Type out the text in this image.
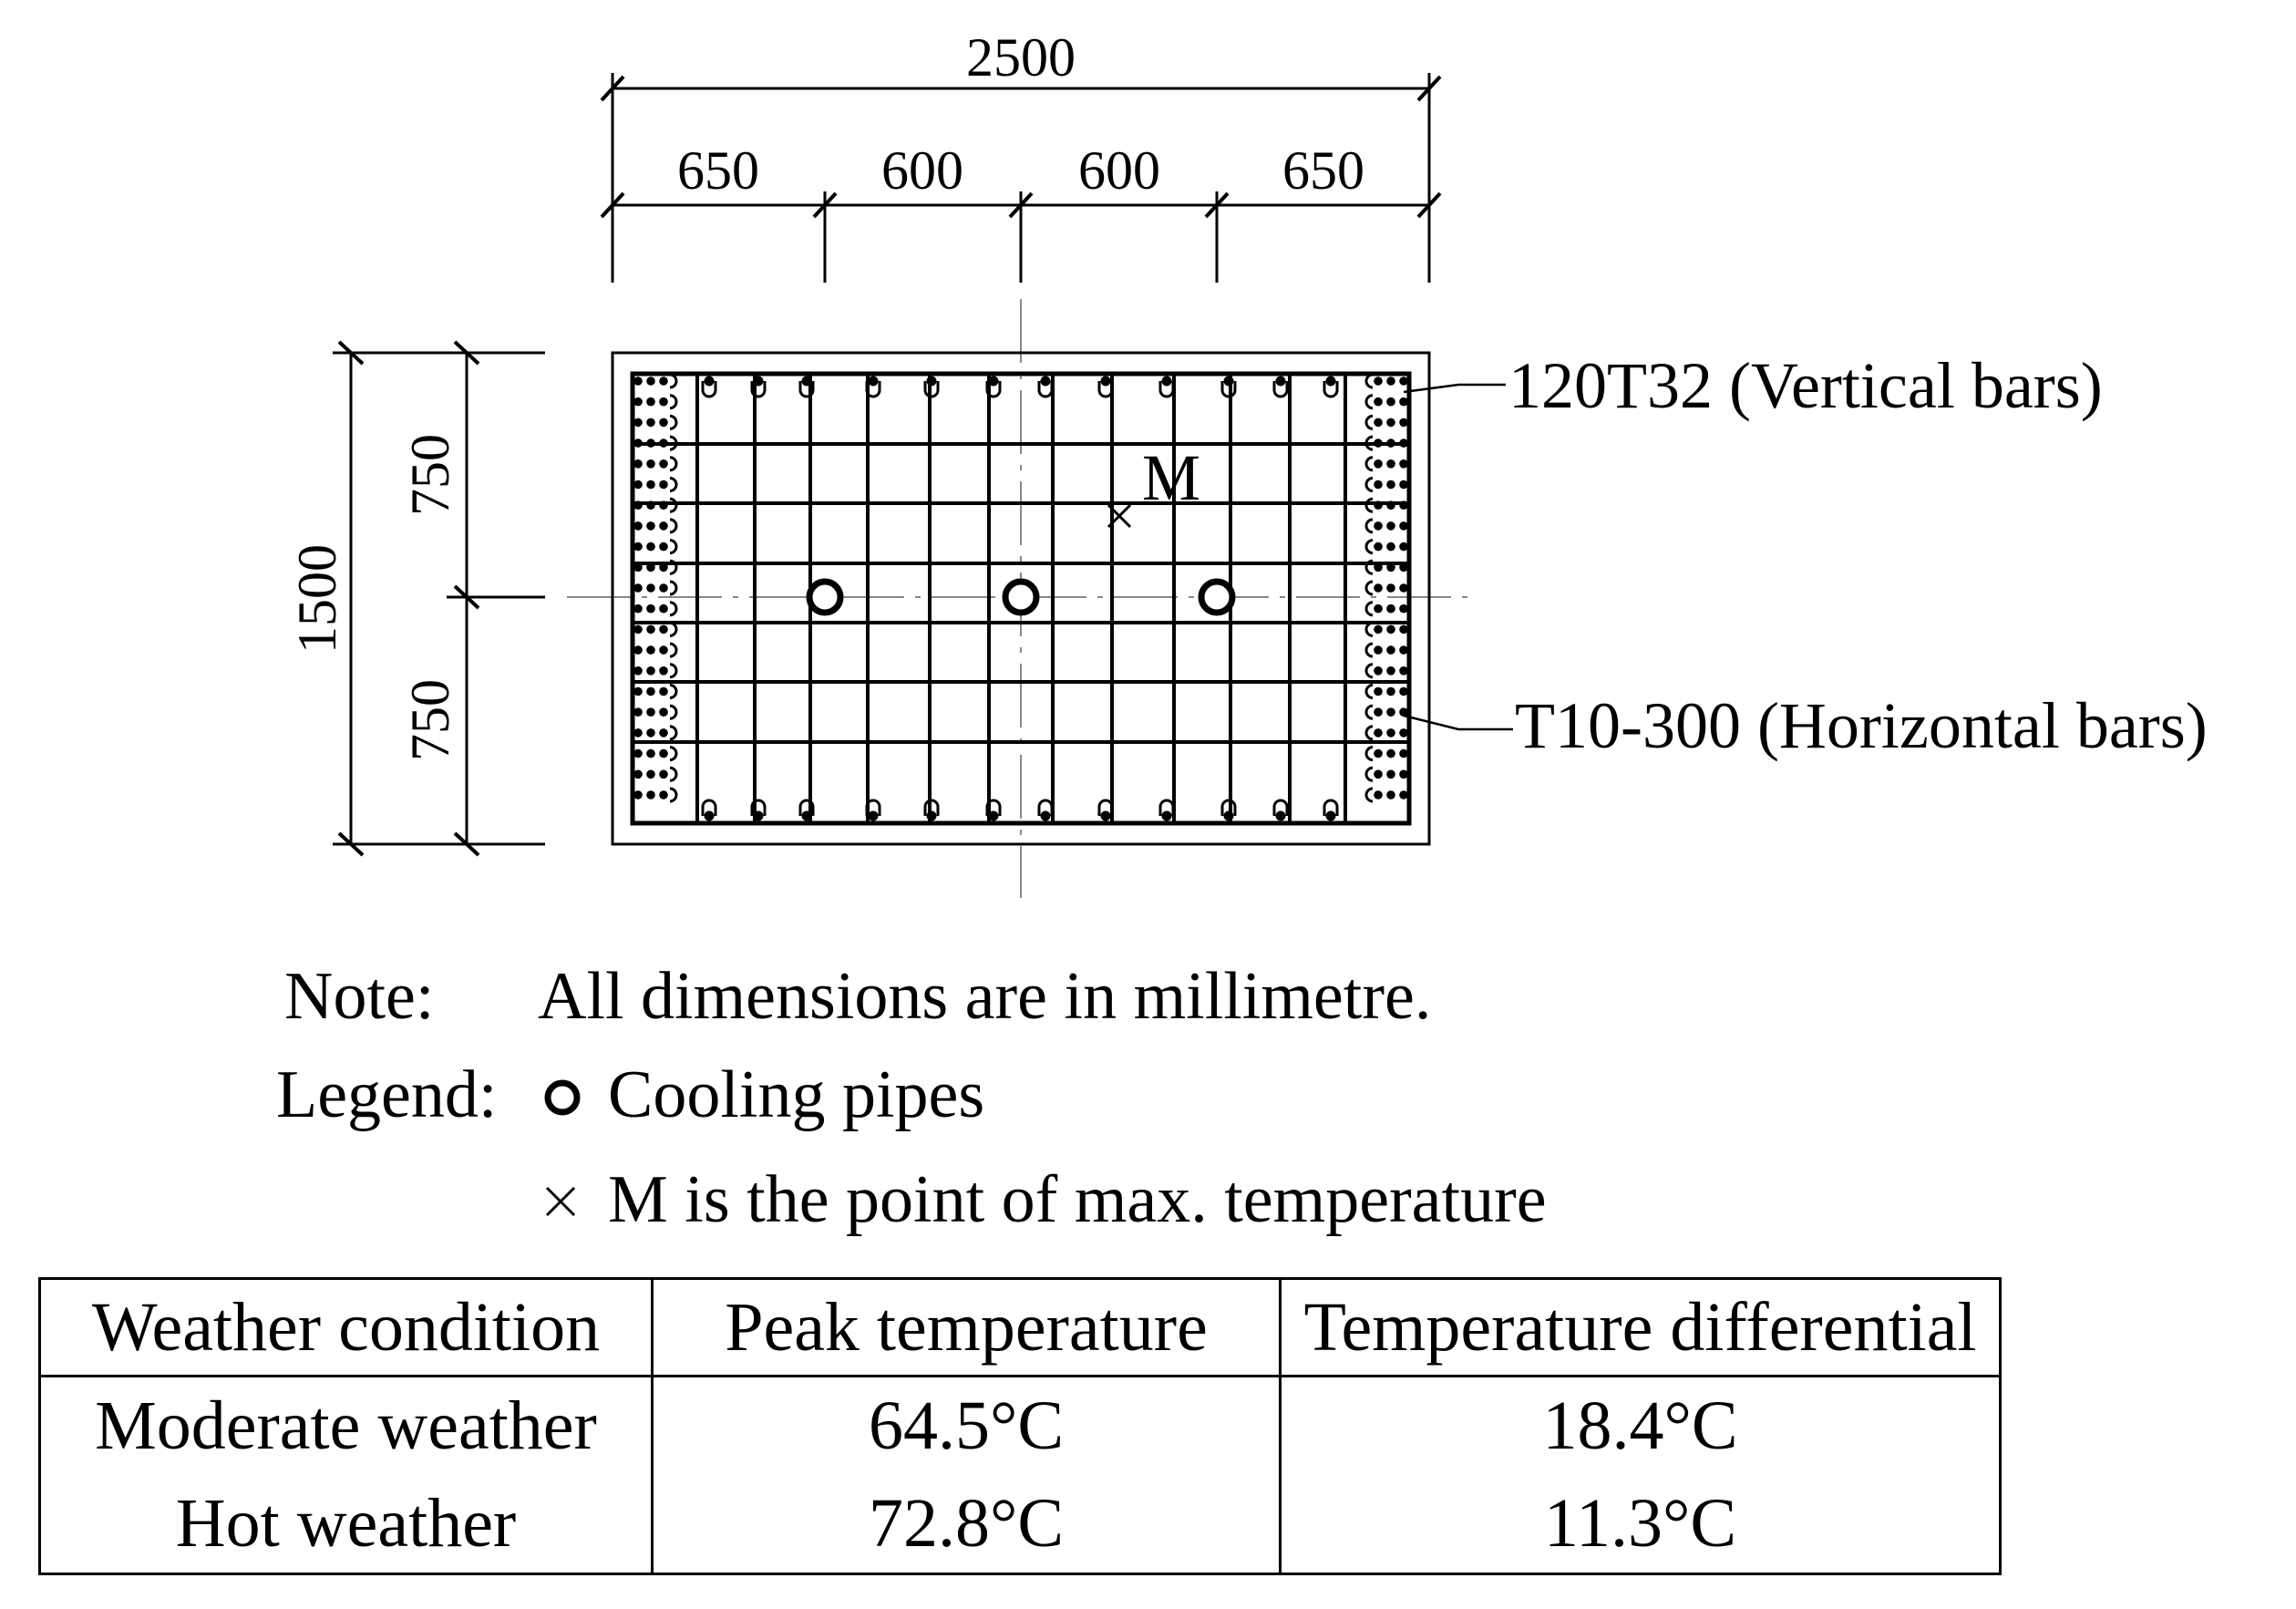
M
2500
650 600 600 650
1500
750
750
120T32 (Vertical bars)
T10-300 (Horizontal bars)
Note: All dimensions are in millimetre.
Legend: Cooling pipes
M is the point of max. temperature
Weather condition	Peak temperature	Temperature differential
Moderate weather	64.5°C	18.4°C
Hot weather	72.8°C	11.3°C
